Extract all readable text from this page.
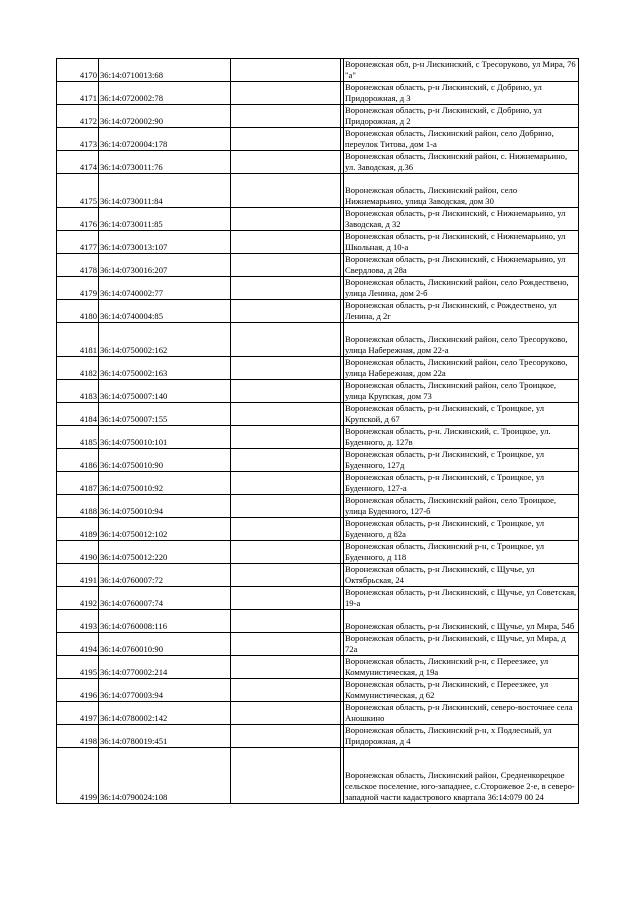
4170	36:14:0710013:68			Воронежская обл, р-н Лискинский, с Тресоруково, ул Мира, 76 "а"
4171	36:14:0720002:78			Воронежская область, р-н Лискинский, с Добрино, ул Придорожная, д 3
4172	36:14:0720002:90			Воронежская область, р-н Лискинский, с Добрино, ул Придорожная, д 2
4173	36:14:0720004:178			Воронежская область, Лискинский район, село Добрино, переулок Титова, дом 1-а
4174	36:14:0730011:76			Воронежская область, Лискинский район, с. Нижнемарьино, ул. Заводская, д.36
4175	36:14:0730011:84			Воронежская область, Лискинский район, село Нижнемарьино, улица Заводская, дом 30
4176	36:14:0730011:85			Воронежская область, р-н Лискинский, с Нижнемарьино, ул Заводская, д 32
4177	36:14:0730013:107			Воронежская область, р-н Лискинский, с Нижнемарьино, ул Школьная, д 10-а
4178	36:14:0730016:207			Воронежская область, р-н Лискинский, с Нижнемарьино, ул Свердлова, д 28а
4179	36:14:0740002:77			Воронежская область, Лискинский район, село Рождествено, улица Ленина, дом 2-б
4180	36:14:0740004:85			Воронежская область, р-н Лискинский, с Рождествено, ул Ленина, д 2г
4181	36:14:0750002:162			Воронежская область, Лискинский район, село Тресоруково, улица Набережная, дом 22-а
4182	36:14:0750002:163			Воронежская область, Лискинский район, село Тресоруково, улица Набережная, дом 22а
4183	36:14:0750007:140			Воронежская область, Лискинский район, село Троицкое, улица Крупская, дом 73
4184	36:14:0750007:155			Воронежская область, р-н Лискинский, с Троицкое, ул Крупской, д 67
4185	36:14:0750010:101			Воронежская область, р-н. Лискинский, с. Троицкое, ул. Буденного, д. 127в
4186	36:14:0750010:90			Воронежская область, р-н Лискинский, с Троицкое, ул Буденного, 127д
4187	36:14:0750010:92			Воронежская область, р-н Лискинский, с Троицкое, ул Буденного, 127-а
4188	36:14:0750010:94			Воронежская область, Лискинский район, село Троицкое, улица Буденного, 127-б
4189	36:14:0750012:102			Воронежская область, р-н Лискинский, с Троицкое, ул Буденного, д 82а
4190	36:14:0750012:220			Воронежская область, Лискинский р-н, с Троицкое, ул Буденного, д 118
4191	36:14:0760007:72			Воронежская область, р-н Лискинский, с Щучье, ул Октябрьская, 24
4192	36:14:0760007:74			Воронежская область, р-н Лискинский, с Щучье, ул Советская, 19-а
4193	36:14:0760008:116			Воронежская область, р-н Лискинский, с Щучье, ул Мира, 54б
4194	36:14:0760010:90			Воронежская область, р-н Лискинский, с Щучье, ул Мира, д 72а
4195	36:14:0770002:214			Воронежская область, Лискинский р-н, с Переезжее, ул Коммунистическая, д 19а
4196	36:14:0770003:94			Воронежская область, р-н Лискинский, с Переезжее, ул Коммунистическая, д 62
4197	36:14:0780002:142			Воронежская область, р-н Лискинский, северо-восточнее села Аношкино
4198	36:14:0780019:451			Воронежская область, Лискинский р-н, х Подлесный, ул Придорожная, д 4
4199	36:14:0790024:108			Воронежская область, Лискинский район, Средненкорецкое сельское поселение, юго-западнее, с.Сторожевое 2-е, в северо-западной части кадастрового квартала 36:14:079 00 24
